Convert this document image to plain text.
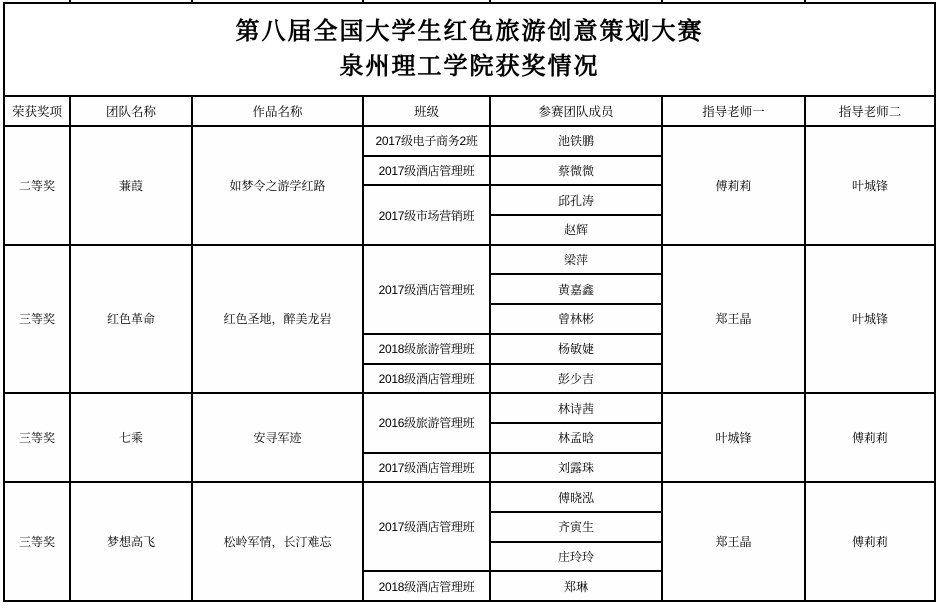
第八届全国大学生红色旅游创意策划大赛
泉州理工学院获奖情况						

荣获奖项	团队名称	作品名称	班级	参赛团队成员	指导老师一	指导老师二
二等奖	蒹葭	如梦令之游学红路	2017级电子商务2班	池铁鹏	傅莉莉	叶城锋
			2017级酒店管理班	蔡微微		
			2017级市场营销班	邱孔涛		
				赵辉		
三等奖	红色革命	红色圣地，醉美龙岩	2017级酒店管理班	梁萍	郑王晶	叶城锋
				黄嘉鑫		
				曾林彬		
			2018级旅游管理班	杨敏婕		
			2018级酒店管理班	彭少吉		
三等奖	七乘	安寻军迹	2016级旅游管理班	林诗茜	叶城锋	傅莉莉
				林孟晗		
			2017级酒店管理班	刘露珠		
三等奖	梦想高飞	松岭军情，长汀难忘	2017级酒店管理班	傅晓泓	郑王晶	傅莉莉
				齐寅生		
				庄玲玲		
			2018级酒店管理班	郑琳		
